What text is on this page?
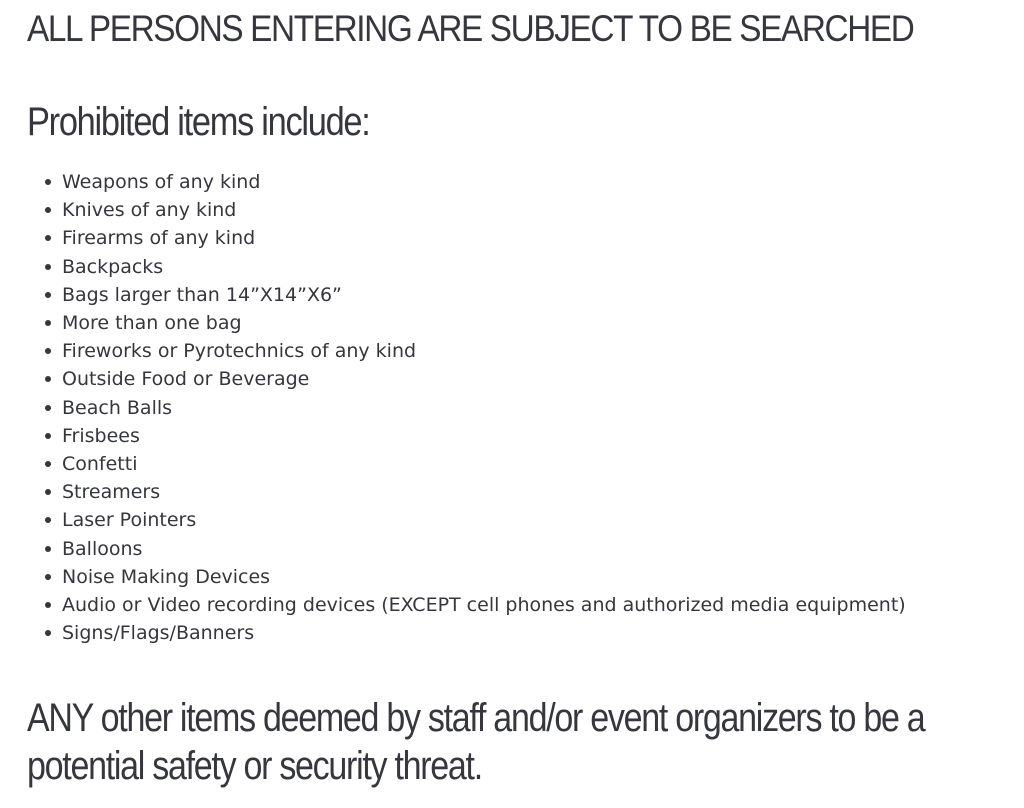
ALL PERSONS ENTERING ARE SUBJECT TO BE SEARCHED
Prohibited items include:
Weapons of any kind
Knives of any kind
Firearms of any kind
Backpacks
Bags larger than 14”X14”X6”
More than one bag
Fireworks or Pyrotechnics of any kind
Outside Food or Beverage
Beach Balls
Frisbees
Confetti
Streamers
Laser Pointers
Balloons
Noise Making Devices
Audio or Video recording devices (EXCEPT cell phones and authorized media equipment)
Signs/Flags/Banners
ANY other items deemed by staff and/or event organizers to be a potential safety or security threat.
